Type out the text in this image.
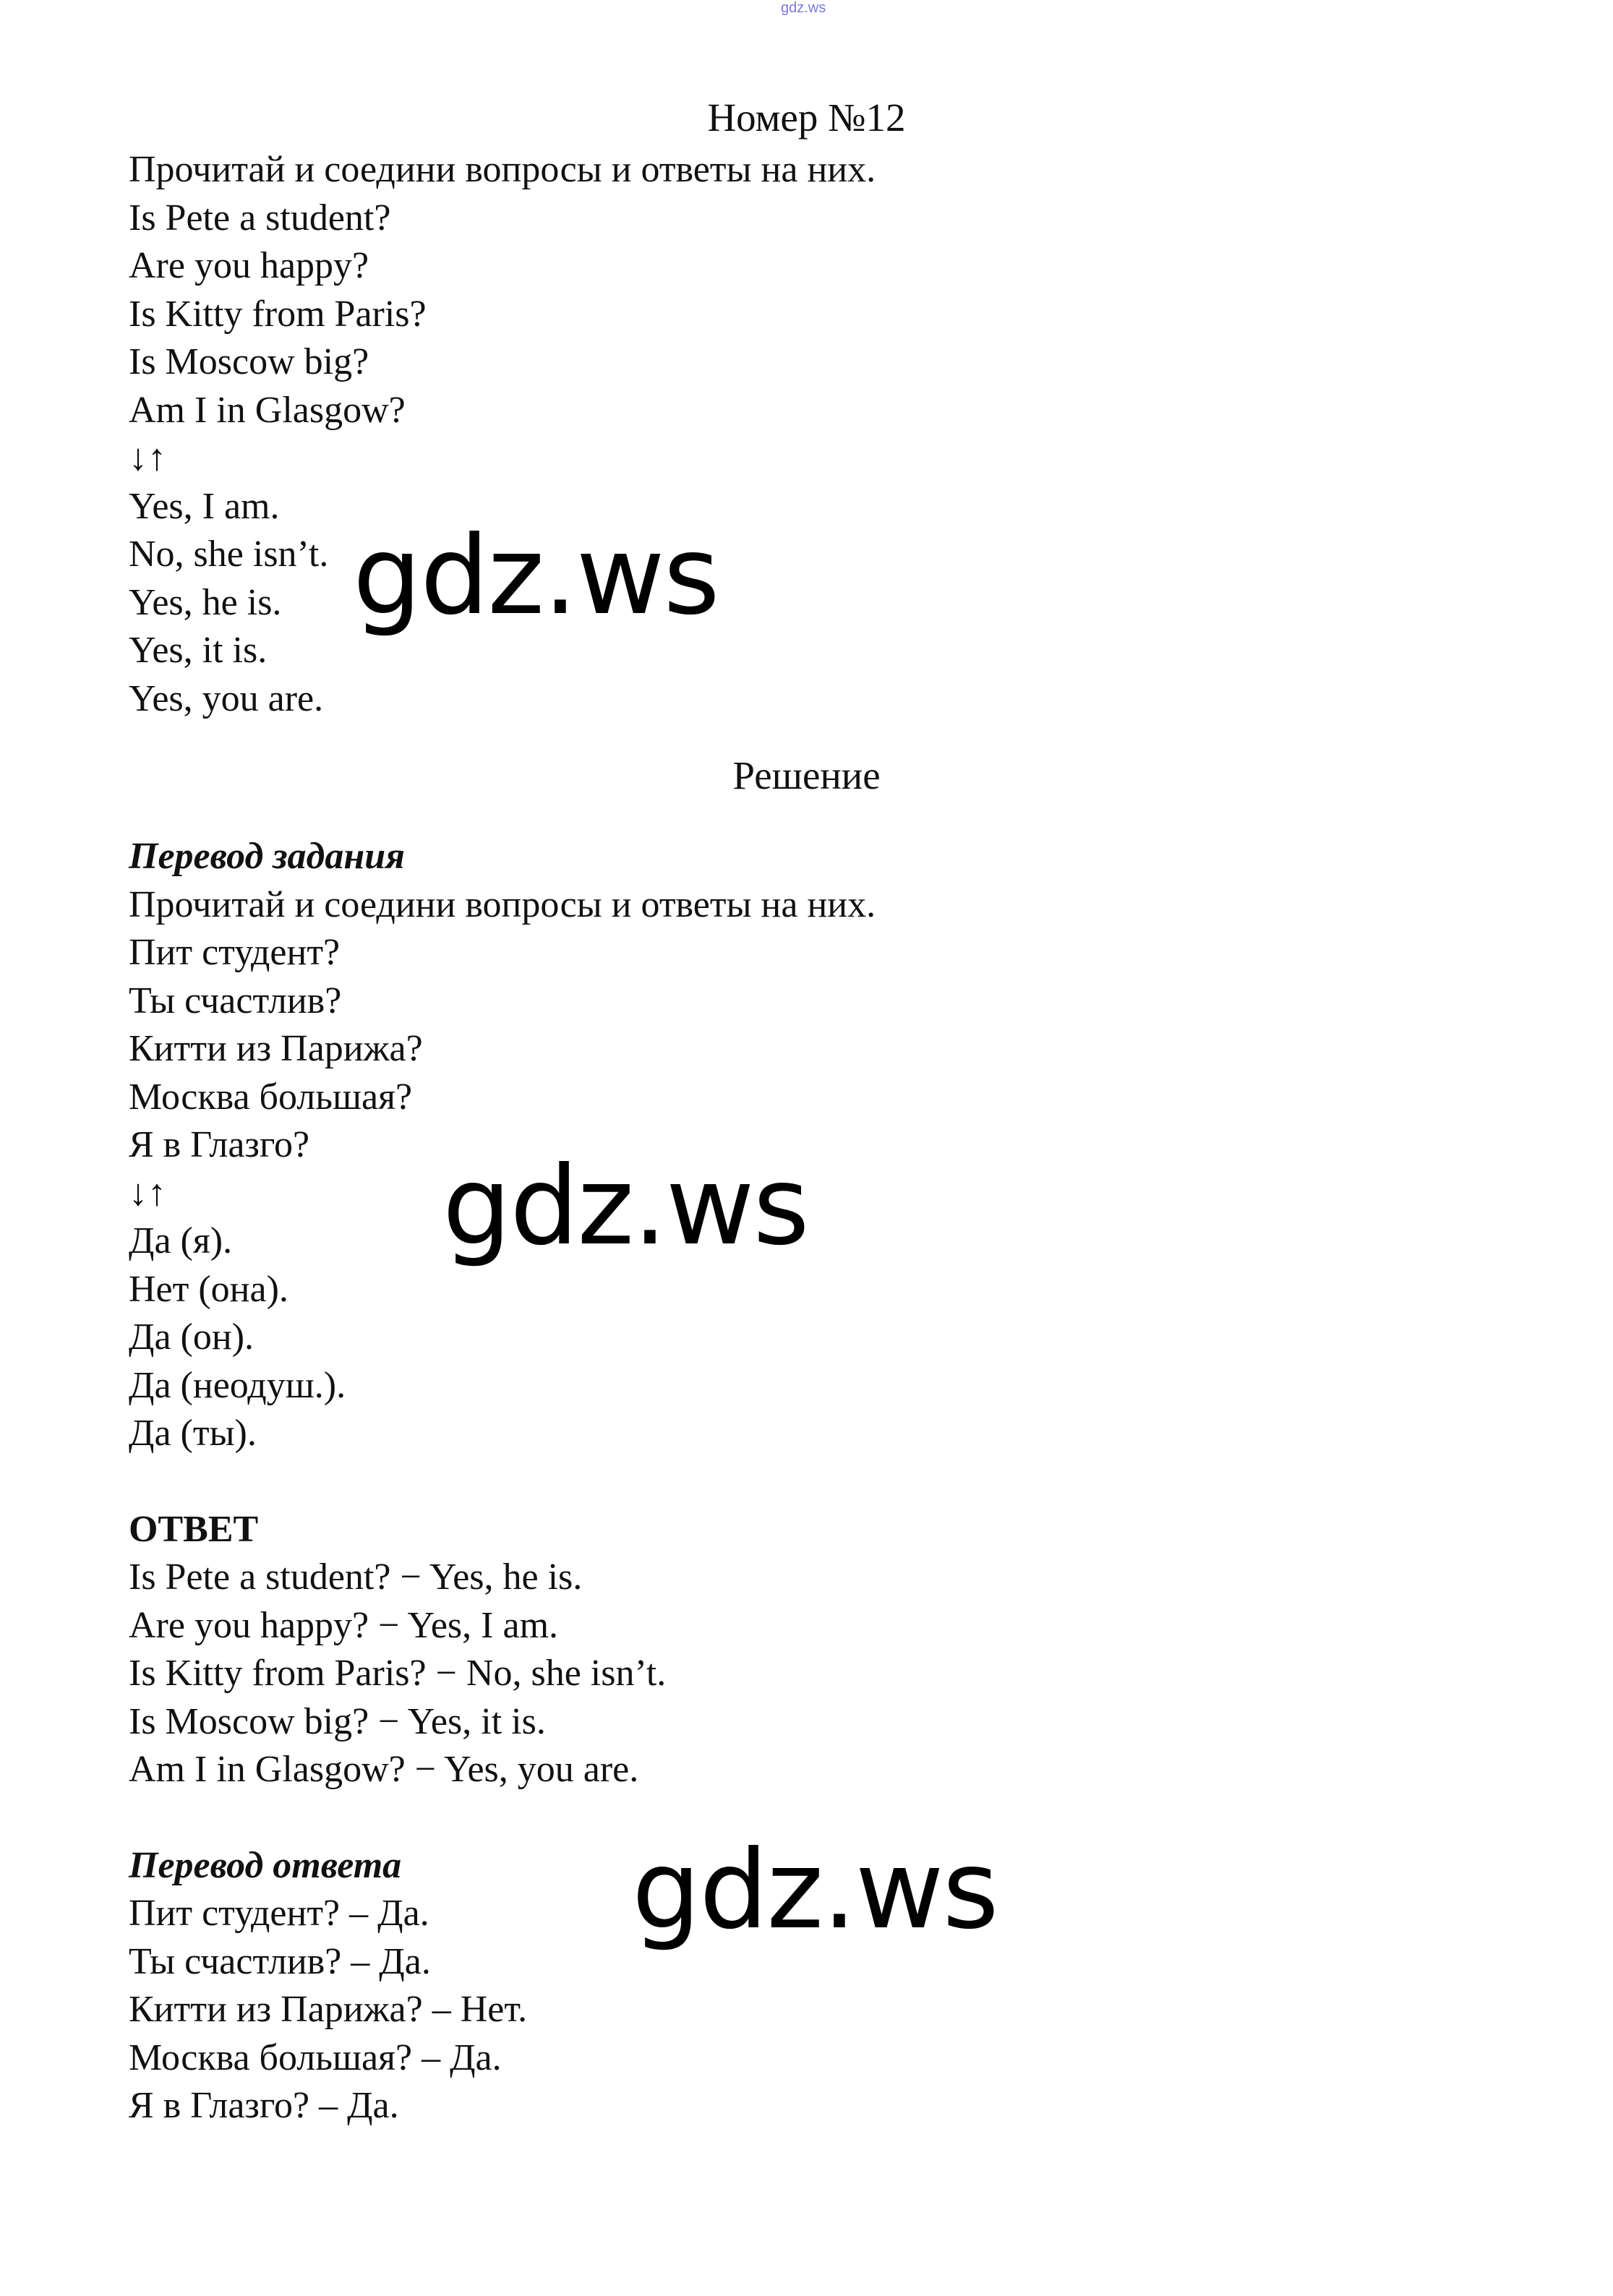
gdz.ws
Номер №12
Прочитай и соедини вопросы и ответы на них.
Is Pete a student?
Are you happy?
Is Kitty from Paris?
Is Moscow big?
Am I in Glasgow?
↓↑
Yes, I am.
No, she isn’t.
Yes, he is.
Yes, it is.
Yes, you are.
Решение
Перевод задания
Прочитай и соедини вопросы и ответы на них.
Пит студент?
Ты счастлив?
Китти из Парижа?
Москва большая?
Я в Глазго?
↓↑
Да (я).
Нет (она).
Да (он).
Да (неодуш.).
Да (ты).
ОТВЕТ
Is Pete a student? − Yes, he is.
Are you happy? − Yes, I am.
Is Kitty from Paris? − No, she isn’t.
Is Moscow big? − Yes, it is.
Am I in Glasgow? − Yes, you are.
Перевод ответа
Пит студент? – Да.
Ты счастлив? – Да.
Китти из Парижа? – Нет.
Москва большая? – Да.
Я в Глазго? – Да.
gdz.ws
gdz.ws
gdz.ws
